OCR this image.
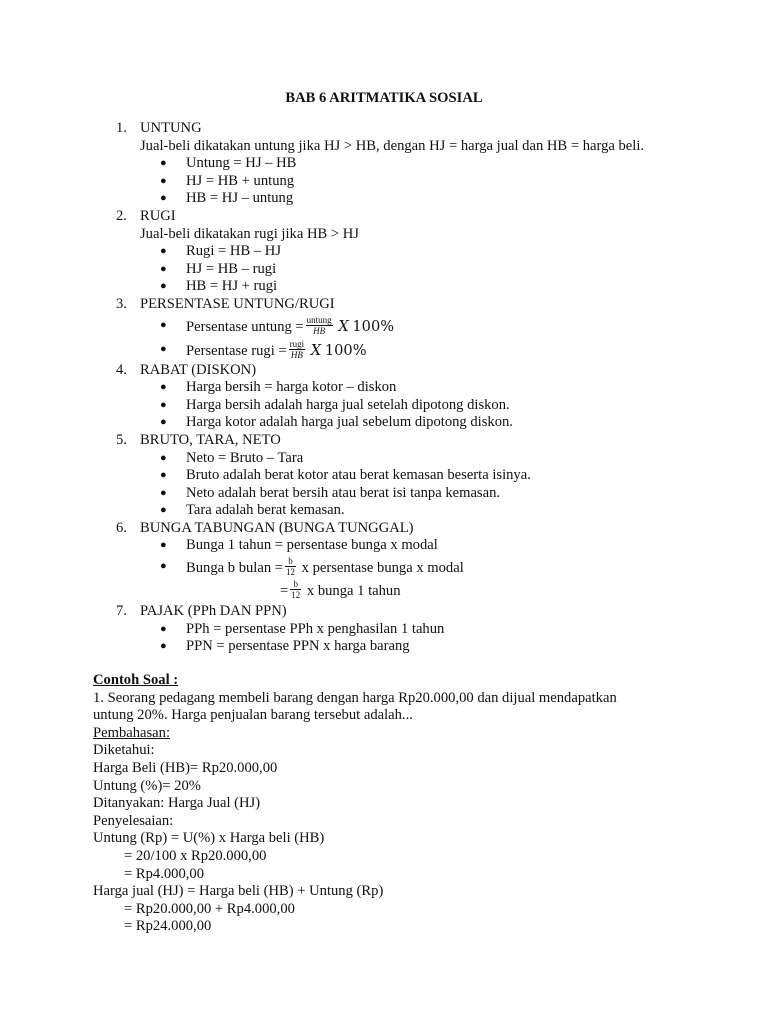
BAB 6 ARITMATIKA SOSIAL
1. UNTUNG
Jual-beli dikatakan untung jika HJ > HB, dengan HJ = harga jual dan HB = harga beli.
● Untung = HJ – HB
● HJ = HB + untung
● HB = HJ – untung
2. RUGI
Jual-beli dikatakan rugi jika HB > HJ
● Rugi = HB – HJ
● HJ = HB – rugi
● HB = HJ + rugi
3. PERSENTASE UNTUNG/RUGI
● Persentase untung = $\frac{\text{untung}}{HB}$ X 100%
● Persentase rugi = $\frac{\text{rugi}}{HB}$ X 100%
4. RABAT (DISKON)
● Harga bersih = harga kotor – diskon
● Harga bersih adalah harga jual setelah dipotong diskon.
● Harga kotor adalah harga jual sebelum dipotong diskon.
5. BRUTO, TARA, NETO
● Neto = Bruto – Tara
● Bruto adalah berat kotor atau berat kemasan beserta isinya.
● Neto adalah berat bersih atau berat isi tanpa kemasan.
● Tara adalah berat kemasan.
6. BUNGA TABUNGAN (BUNGA TUNGGAL)
● Bunga 1 tahun = persentase bunga x modal
● Bunga b bulan = $\frac{b}{12}$ x persentase bunga x modal
= $\frac{b}{12}$ x bunga 1 tahun
7. PAJAK (PPh DAN PPN)
● PPh = persentase PPh x penghasilan 1 tahun
● PPN = persentase PPN x harga barang
Contoh Soal :
1. Seorang pedagang membeli barang dengan harga Rp20.000,00 dan dijual mendapatkan
untung 20%. Harga penjualan barang tersebut adalah...
Pembahasan:
Diketahui:
Harga Beli (HB)= Rp20.000,00
Untung (%)= 20%
Ditanyakan: Harga Jual (HJ)
Penyelesaian:
Untung (Rp) = U(%) x Harga beli (HB)
= 20/100 x Rp20.000,00
= Rp4.000,00
Harga jual (HJ) = Harga beli (HB) + Untung (Rp)
= Rp20.000,00 + Rp4.000,00
= Rp24.000,00
